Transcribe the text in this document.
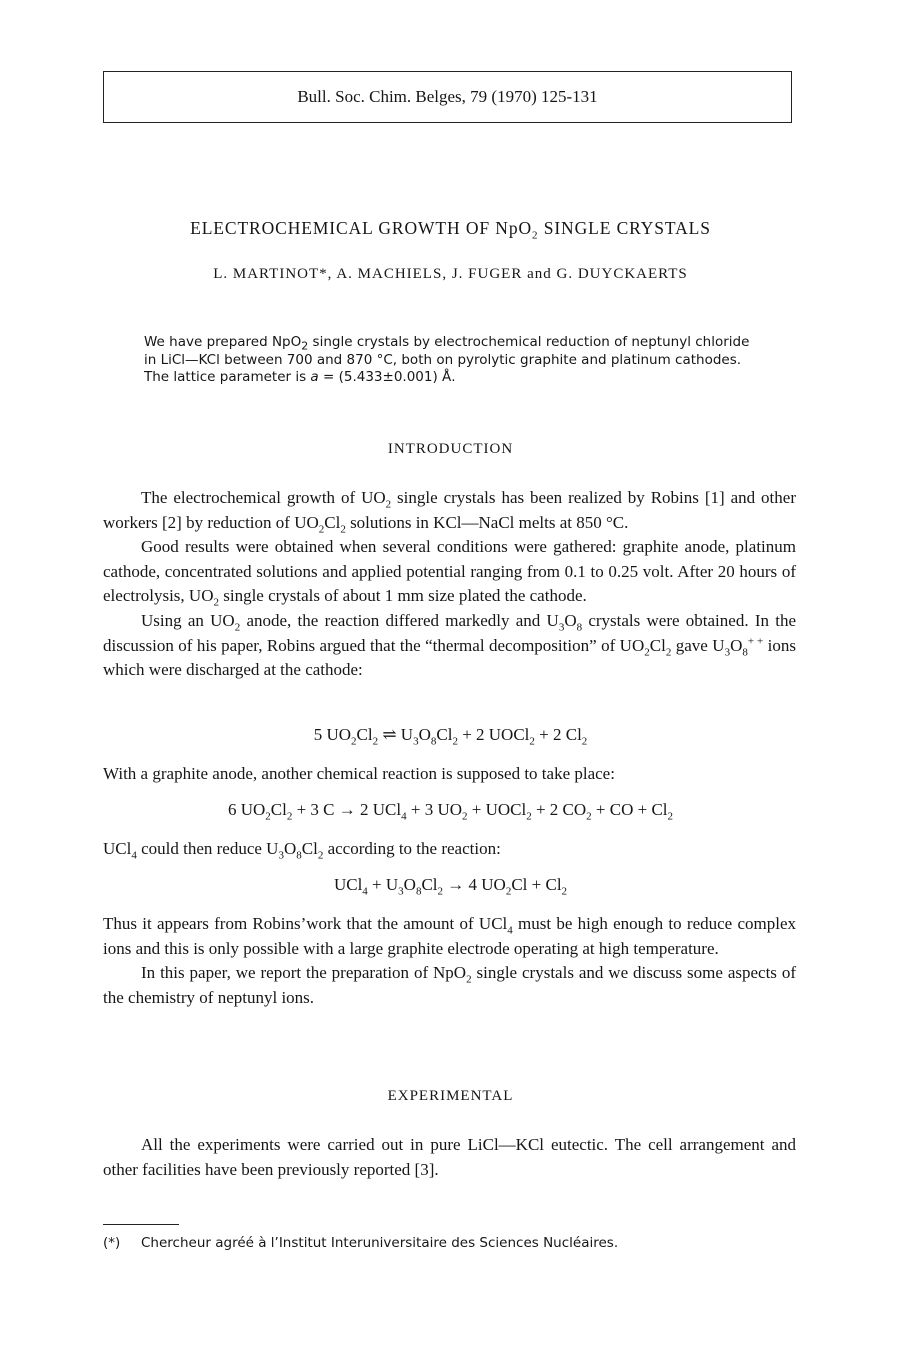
Bull. Soc. Chim. Belges, 79 (1970) 125-131
ELECTROCHEMICAL GROWTH OF NpO$_2$ SINGLE CRYSTALS
L. MARTINOT*, A. MACHIELS, J. FUGER and G. DUYCKAERTS

We have prepared NpO$_2$ single crystals by electrochemical reduction of neptunyl chloride in LiCl—KCl between 700 and 870 °C, both on pyrolytic graphite and platinum cathodes. The lattice parameter is a = (5.433±0.001) Å.

INTRODUCTION

The electrochemical growth of $UO_2$ single crystals has been realized by Robins [1] and other workers [2] by reduction of $UO_2Cl_2$ solutions in KCl—NaCl melts at 850 °C.

Good results were obtained when several conditions were gathered: graphite anode, platinum cathode, concentrated solutions and applied potential ranging from 0.1 to 0.25 volt. After 20 hours of electrolysis, $UO_2$ single crystals of about 1 mm size plated the cathode.

Using an $UO_2$ anode, the reaction differed markedly and $U_3O_8$ crystals were obtained. In the discussion of his paper, Robins argued that the “thermal decomposition” of $UO_2Cl_2$ gave $U_3O_8^{+ +}$ ions which were discharged at the cathode:

5 $UO_2Cl_2$ ⇌ $U_3O_8Cl_2 + 2$ UOCl$_2$ + 2 $Cl_2$

With a graphite anode, another chemical reaction is supposed to take place:

6 $UO_2Cl_2 + 3$ C → 2 UCl$_4$ + 3 $UO_2$ + UOCl$_2$ + 2 $CO_2$ + CO + $Cl_2$

UCl$_4$ could then reduce $U_3O_8Cl_2$ according to the reaction:

$UCl_4 + U_3O_8Cl_2 \to 4$ $UO_2Cl + Cl_2$

Thus it appears from Robins’work that the amount of UCl$_4$ must be high enough to reduce complex ions and this is only possible with a large graphite electrode operating at high temperature.

In this paper, we report the preparation of NpO$_2$ single crystals and we discuss some aspects of the chemistry of neptunyl ions.

EXPERIMENTAL

All the experiments were carried out in pure LiCl—KCl eutectic. The cell arrangement and other facilities have been previously reported [3].

(*) Chercheur agréé à l’Institut Interuniversitaire des Sciences Nucléaires.
